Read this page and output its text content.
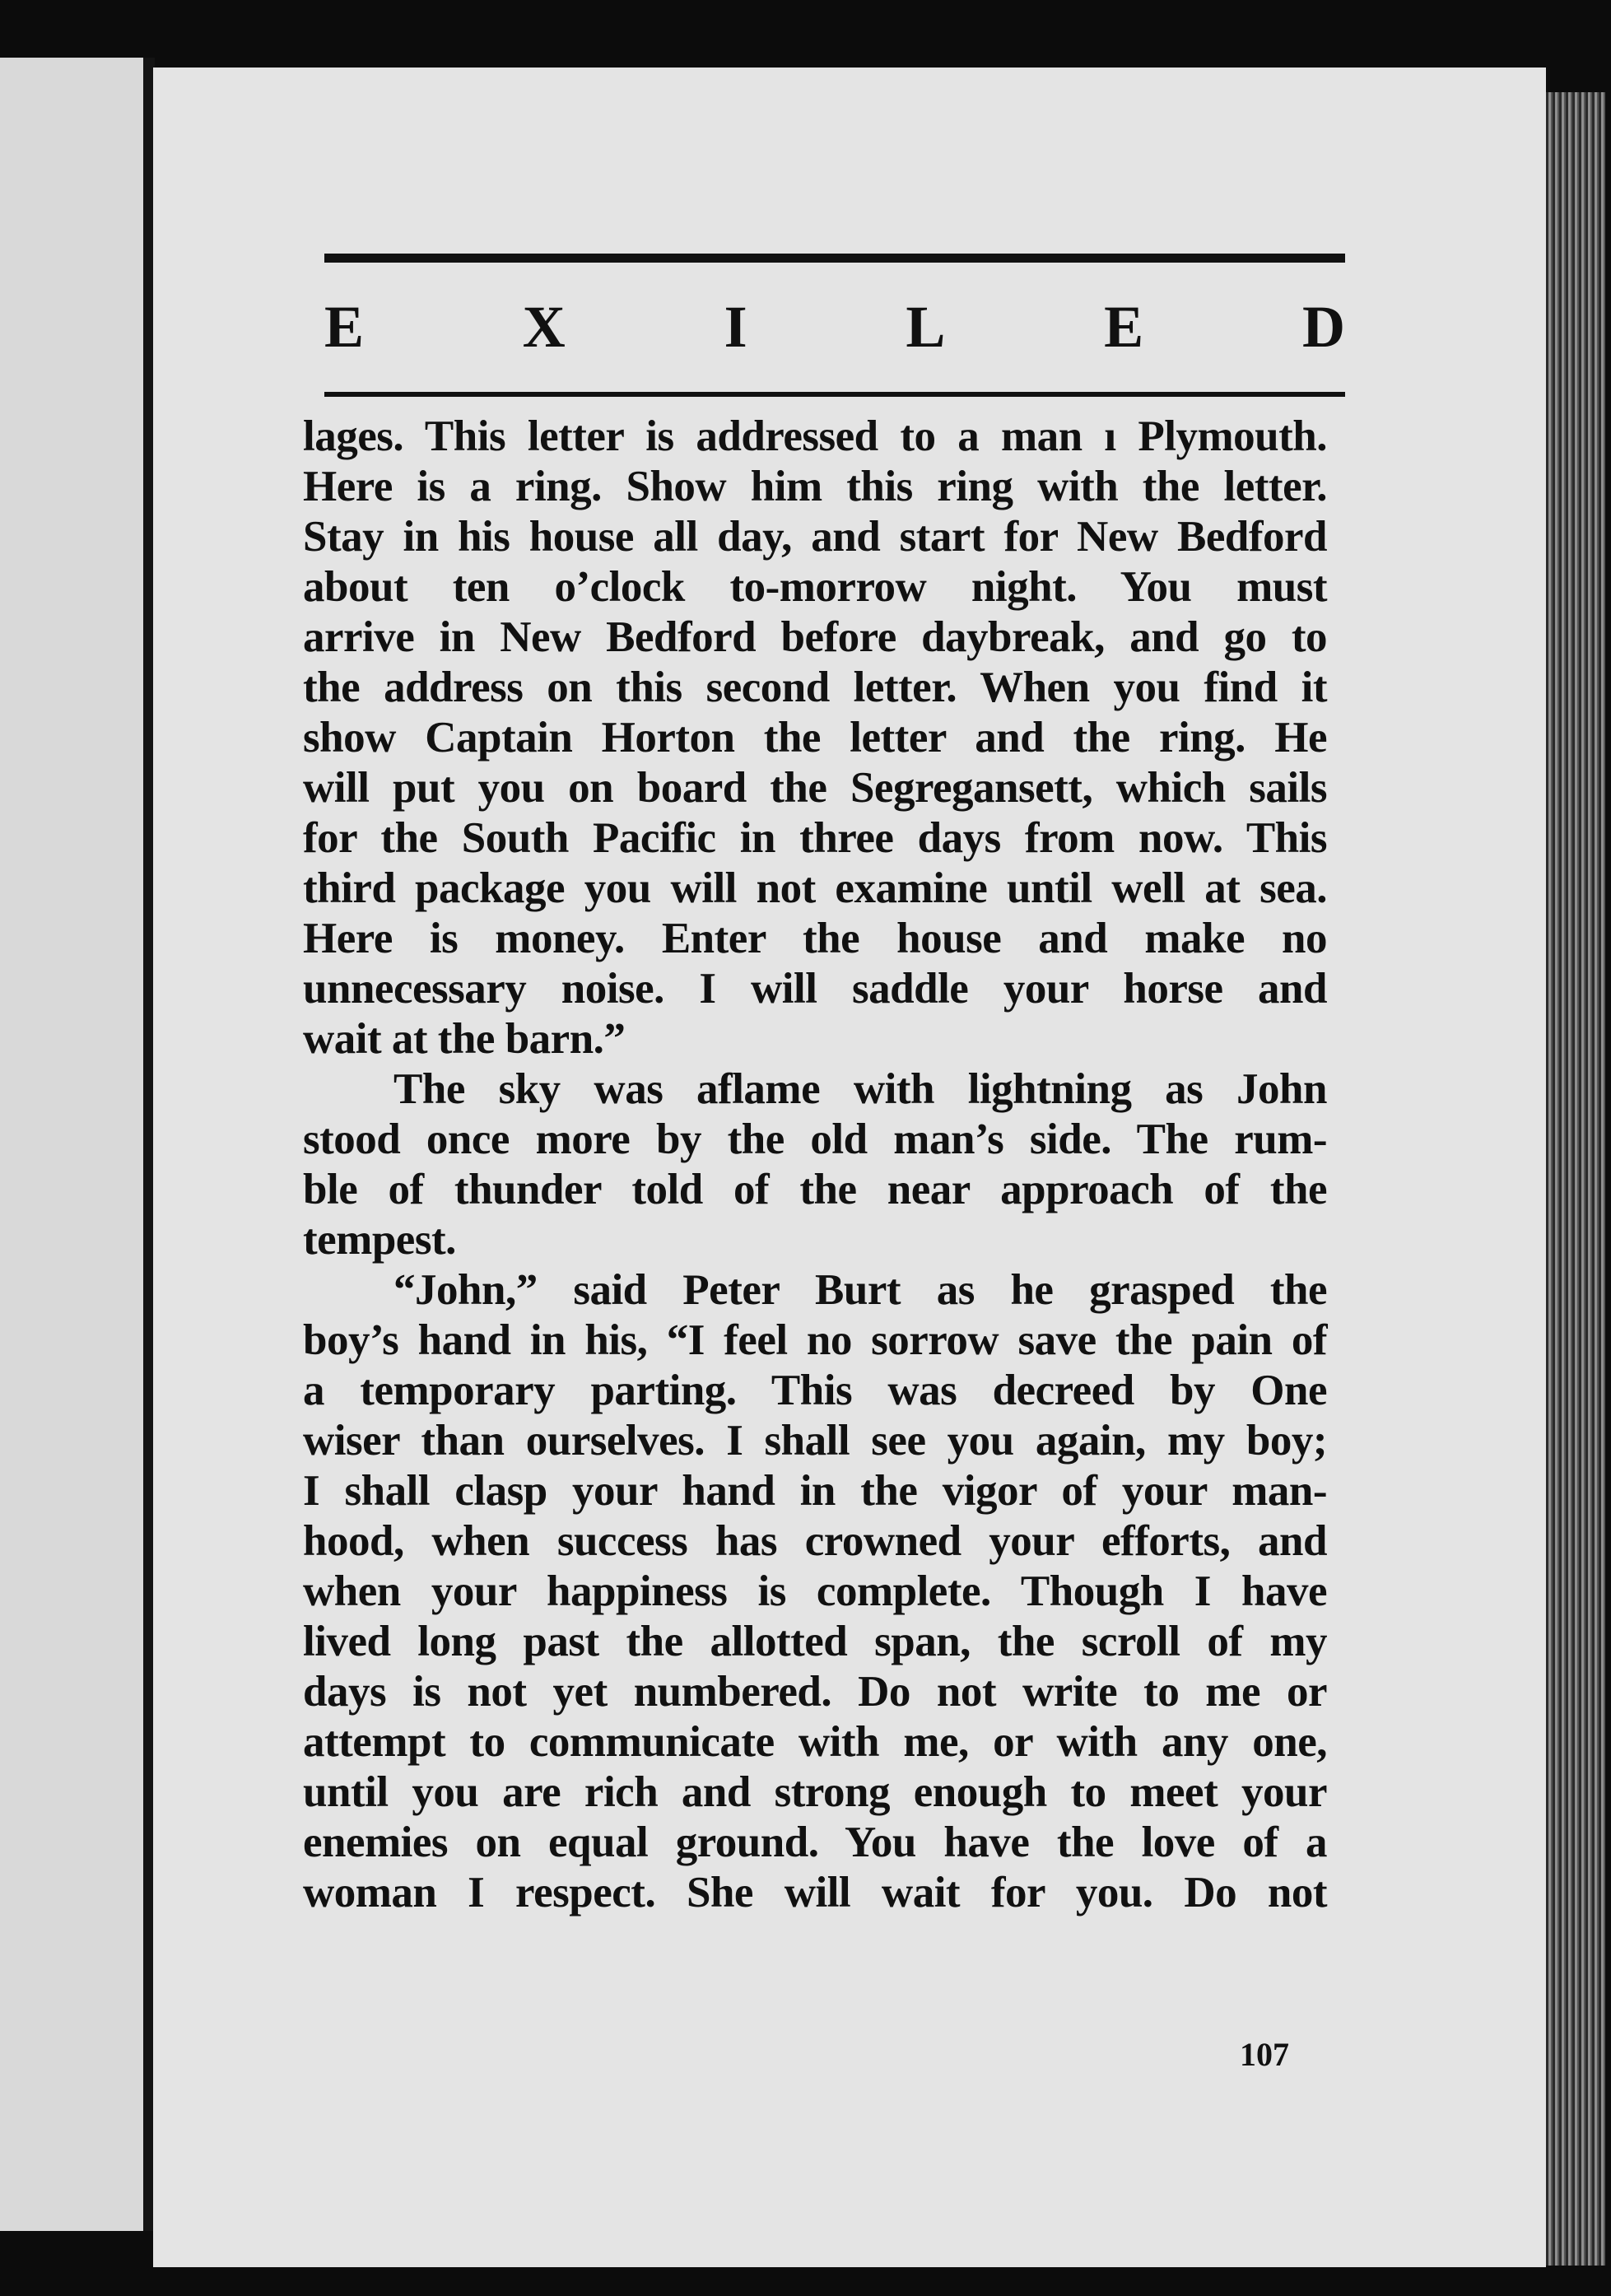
E	X	I	L	E	D
lages. This letter is addressed to a man ı Plymouth.
Here is a ring. Show him this ring with the letter.
Stay in his house all day, and start for New Bedford
about ten o’clock to-morrow night. You must
arrive in New Bedford before daybreak, and go to
the address on this second letter. When you find it
show Captain Horton the letter and the ring. He
will put you on board the Segregansett, which sails
for the South Pacific in three days from now. This
third package you will not examine until well at sea.
Here is money. Enter the house and make no
unnecessary noise. I will saddle your horse and
wait at the barn.”
The sky was aflame with lightning as John
stood once more by the old man’s side. The rum-
ble of thunder told of the near approach of the
tempest.
“John,” said Peter Burt as he grasped the
boy’s hand in his, “I feel no sorrow save the pain of
a temporary parting. This was decreed by One
wiser than ourselves. I shall see you again, my boy;
I shall clasp your hand in the vigor of your man-
hood, when success has crowned your efforts, and
when your happiness is complete. Though I have
lived long past the allotted span, the scroll of my
days is not yet numbered. Do not write to me or
attempt to communicate with me, or with any one,
until you are rich and strong enough to meet your
enemies on equal ground. You have the love of a
woman I respect. She will wait for you. Do not
107
